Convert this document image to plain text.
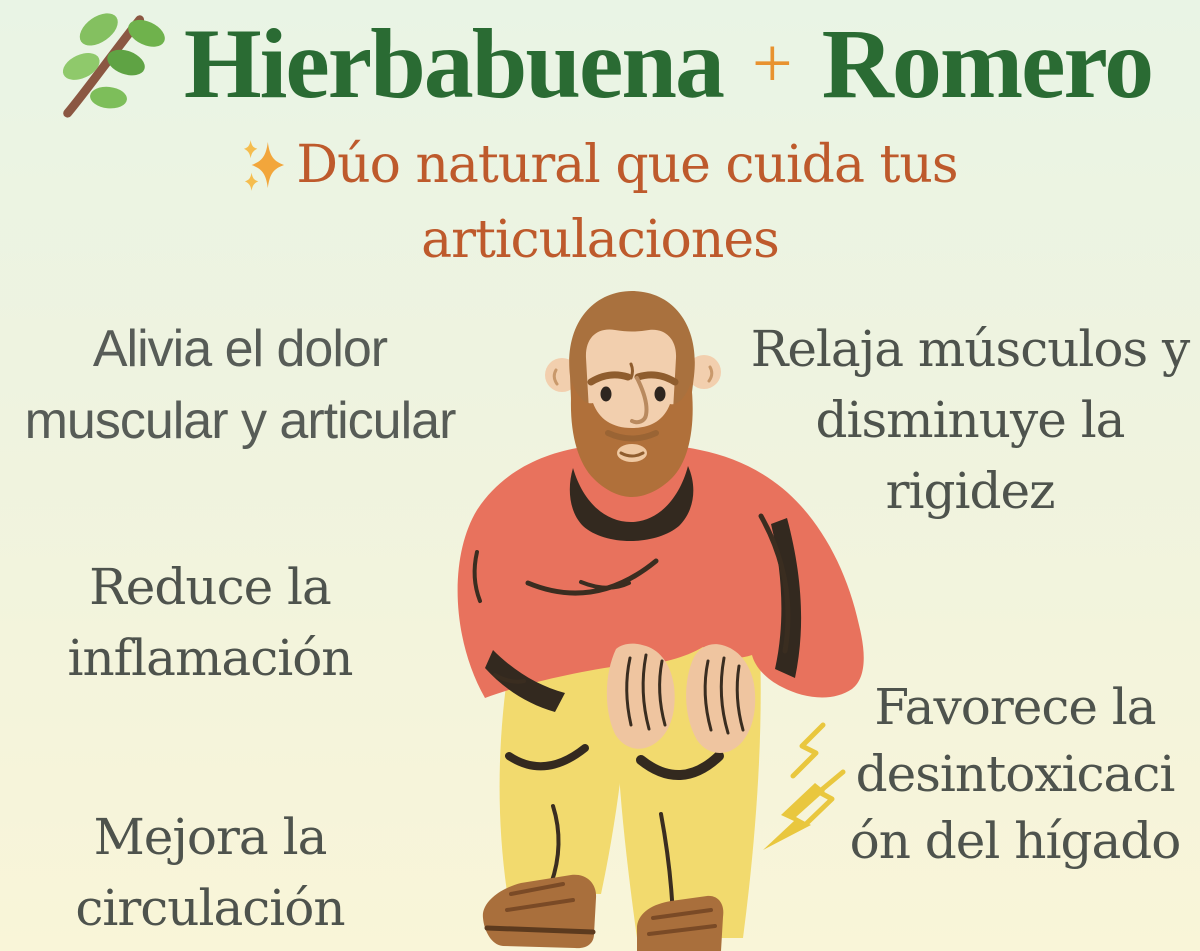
Hierbabuena + Romero
Dúo natural que cuida tus
articulaciones
Alivia el dolor
muscular y articular
Reduce la
inflamación
Mejora la
circulación
Relaja músculos y
disminuye la
rigidez
Favorece la
desintoxicaci
ón del hígado
